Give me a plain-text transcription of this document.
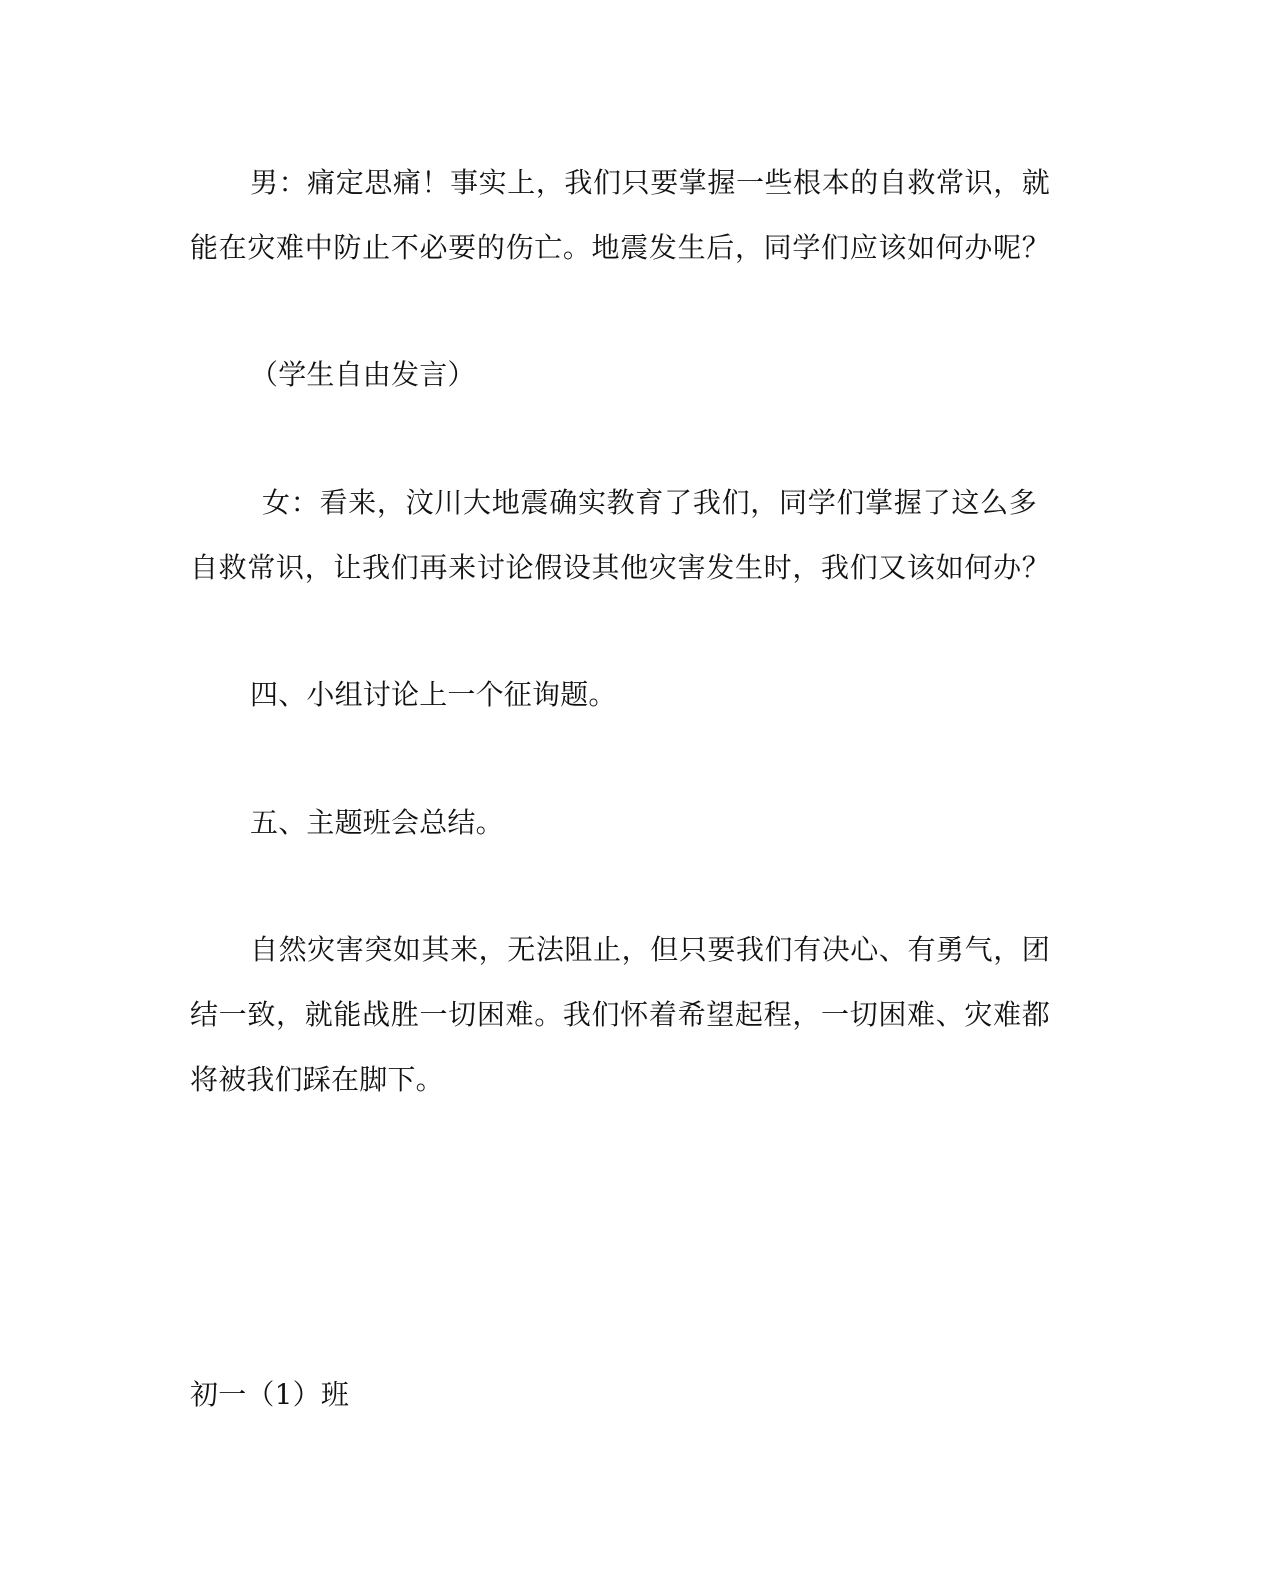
男：痛定思痛！事实上，我们只要掌握一些根本的自救常识，就
能在灾难中防止不必要的伤亡。地震发生后，同学们应该如何办呢？
（学生自由发言）
女：看来，汶川大地震确实教育了我们，同学们掌握了这么多
自救常识，让我们再来讨论假设其他灾害发生时，我们又该如何办？
四、小组讨论上一个征询题。
五、主题班会总结。
自然灾害突如其来，无法阻止，但只要我们有决心、有勇气，团
结一致，就能战胜一切困难。我们怀着希望起程，一切困难、灾难都
将被我们踩在脚下。
初一（1）班
